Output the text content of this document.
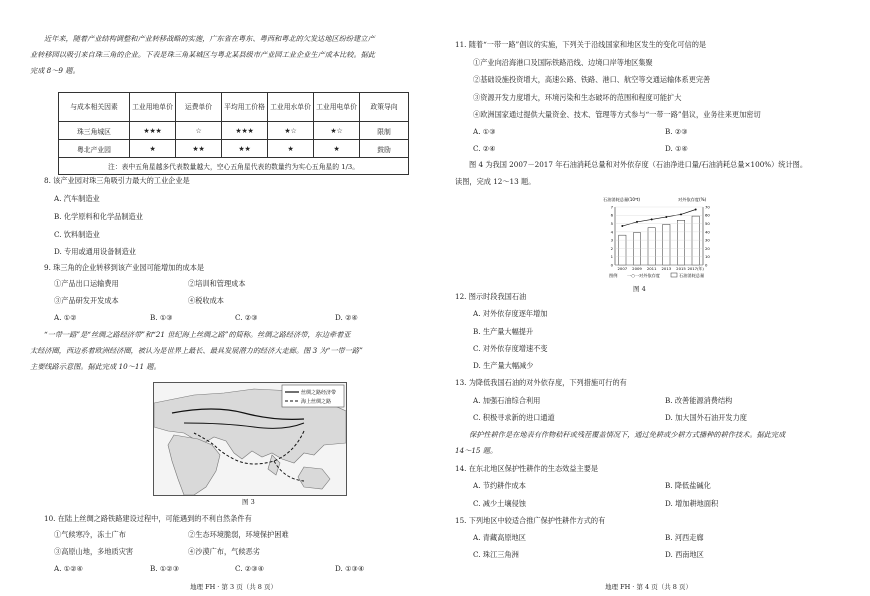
近年来，随着产业结构调整和产业转移战略的实施，广东省在粤东、粤西和粤北的欠发达地区纷纷建立产
业转移园以吸引来自珠三角的企业。下表是珠三角某城区与粤北某县级市产业园工业企业生产成本比较。据此
完成 8～9 题。
与成本相关因素	工业用地单价	运费单价	平均用工价格	工业用水单价	工业用电单价	政策导向
珠三角城区	★★★	☆	★★★	★☆	★☆	限制
粤北产业园	★	★★	★★	★	★	鼓励
注：表中五角星越多代表数量越大，空心五角星代表的数量约为实心五角星的 1/3。						
8. 该产业园对珠三角吸引力最大的工业企业是
A. 汽车制造业
B. 化学原料和化学品制造业
C. 饮料制造业
D. 专用或通用设备制造业
9. 珠三角的企业转移到该产业园可能增加的成本是
①产品出口运输费用	②培训和管理成本
③产品研发开发成本	④税收成本
A. ①②	B. ①③	C. ②③	D. ②④
“一带一路”是“丝绸之路经济带”和“21 世纪海上丝绸之路”的简称。丝绸之路经济带，东边牵着亚
太经济圈，西边系着欧洲经济圈，被认为是世界上最长、最具发展潜力的经济大走廊。图 3 为“一带一路”
主要线路示意图。据此完成 10～11 题。
丝绸之路经济带
海上丝绸之路
图 3
10. 在陆上丝绸之路铁路建设过程中，可能遇到的不利自然条件有
①气候寒冷，冻土广布	②生态环境脆弱，环境保护困难
③高原山地，多地质灾害	④沙漠广布，气候恶劣
A. ①②④	B. ①②③	C. ②③④	D. ①③④
地理 FH · 第 3 页（共 8 页）
11. 随着“一带一路”倡议的实施，下列关于沿线国家和地区发生的变化可信的是
①产业向沿海港口及国际铁路沿线、边境口岸等地区集聚
②基础设施投资增大，高速公路、铁路、港口、航空等交通运输体系更完善
③资源开发力度增大，环境污染和生态破坏的范围和程度可能扩大
④欧洲国家通过提供大量资金、技术、管理等方式参与“一带一路”倡议，业务往来更加密切
A. ①③	B. ②③
C. ②④	D. ①④
图 4 为我国 2007－2017 年石油消耗总量和对外依存度（石油净进口量/石油消耗总量×100%）统计图。
读图，完成 12～13 题。
石油消耗总量(10⁸t)	对外依存度(%)
7
6
5
4
3
2
1
0
70
60
50
40
30
20
10
0
2007 2009 2011 2013 2015 2017(年)
图例 一○一对外依存度	石油消耗总量
图 4
12. 图示时段我国石油
A. 对外依存度逐年增加
B. 生产量大幅提升
C. 对外依存度增速不变
D. 生产量大幅减少
13. 为降低我国石油的对外依存度，下列措施可行的有
A. 加强石油综合利用	B. 改善能源消费结构
C. 积极寻求新的进口通道	D. 加大国外石油开发力度
保护性耕作是在地表有作物秸秆或残茬覆盖情况下，通过免耕或少耕方式播种的耕作技术。据此完成
14～15 题。
14. 在东北地区保护性耕作的生态效益主要是
A. 节约耕作成本	B. 降低盐碱化
C. 减少土壤侵蚀	D. 增加耕地面积
15. 下列地区中较适合推广保护性耕作方式的有
A. 青藏高原地区	B. 河西走廊
C. 珠江三角洲	D. 西南地区
地理 FH · 第 4 页（共 8 页）
